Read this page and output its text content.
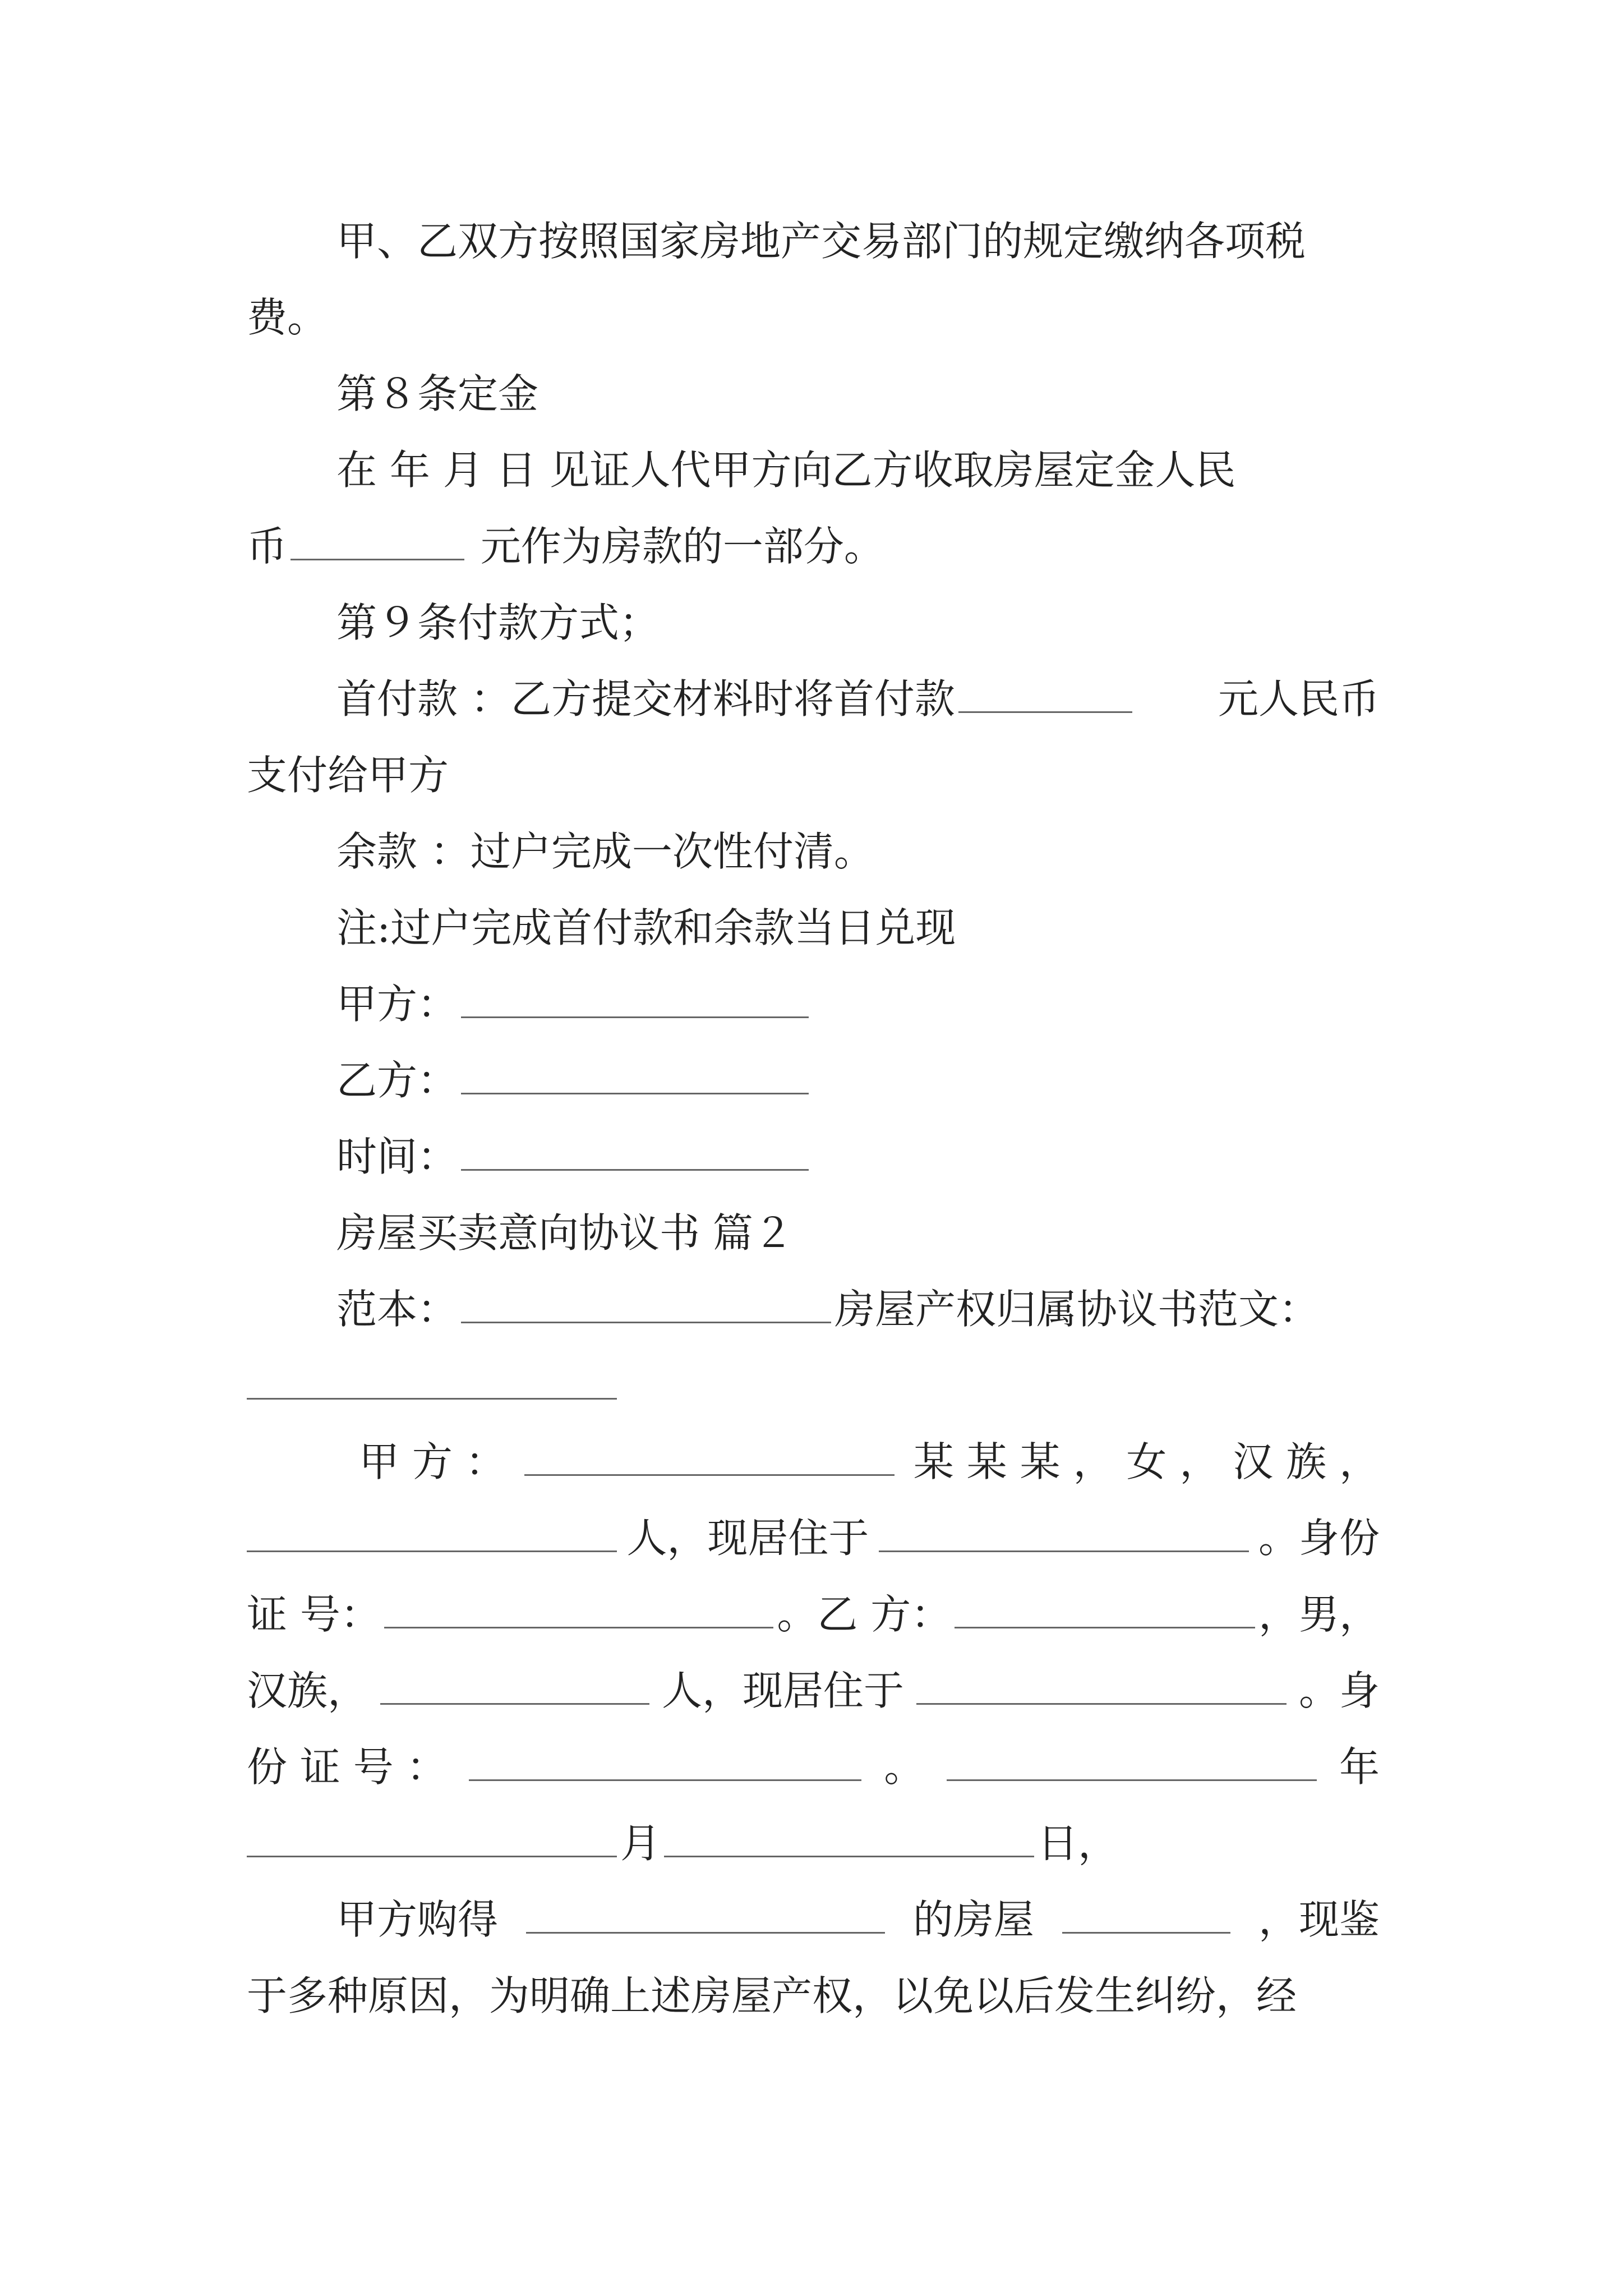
甲、乙双方按照国家房地产交易部门的规定缴纳各项税
费。
第８条定金
在 年 月 日 见证人代甲方向乙方收取房屋定金人民
币	元作为房款的一部分。
第９条付款方式；
首付款 ：乙方提交材料时将首付款	元人民币
支付给甲方
余款 ：过户完成一次性付清。
注:过户完成首付款和余款当日兑现
甲方：
乙方：
时间：
房屋买卖意向协议书 篇２
范本：	房屋产权归属协议书范文：
甲 方 ：	某 某 某 ， 女 ， 汉 族 ，
人，现居住于	。身份
证 号：	。乙 方：	，男，
汉族，	人，现居住于	。身
份 证 号 ：	。	年
月	日，
甲方购得	的房屋	，现鉴
于多种原因，为明确上述房屋产权，以免以后发生纠纷，经
